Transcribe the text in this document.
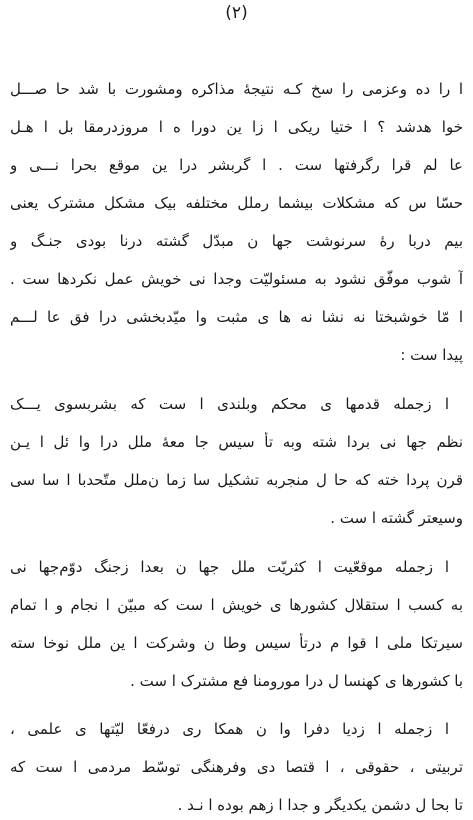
(۲)
ا را ده وعزمی را سخ کـه نتیجهٔ مذاکره ومشورت با شد حا صـــل
خوا هدشد ؟ ا ختیا ریکی ا زا ین دورا ه ا مروزدرمقا بل ا هـل
عا لم قرا رگرفتها ست . ا گربشر درا ین موقع بحرا نـــی و
حسّا س که مشکلات بیشما رملل مختلفه بیک مشکل مشترک یعنی
بیم دربا رهٔ سرنوشت جها ن مبدّل گشته درنا بودی جنـگ و
آ شوب موفّق نشود به مسئولیّت وجدا نی خویش عمل نکردها ست .
ا مّا خوشبختا نه نشا نه ها ی مثبت وا میّدبخشی درا فق عا لـــم
پیدا ست :
ا زجمله قدمها ی محکم وبلندی ا ست که بشربسوی یـــک
نظم جها نی بردا شته وبه تأ سیس جا معهٔ ملل درا وا ئل ا یـن
قرن پردا خته که حا ل منجربه تشکیل سا زما ن‌ملل متّحدبا ا سا سی
وسیعتر گشته ا ست .
ا زجمله موقعّیت ا کثریّت ملل جها ن بعدا زجنگ دوّم‌جها نی
به کسب ا ستقلال کشورها ی خویش ا ست که مبیّن ا نجام و ا تمام
سیرتکا ملی ا قوا م درتأ سیس وطا ن وشرکت ا ین ملل نوخا سته
با کشورها ی کهنسا ل درا مورومنا فع مشترک ا ست .
ا زجمله ا زدیا دفرا وا ن همکا ری درفعّا لیّتها ی علمی ،
تربیتی ، حقوقی ، ا قتصا دی وفرهنگی توسّط مردمی ا ست که
تا بحا ل دشمن یکدیگر و جدا ا زهم بوده ا نـد .
